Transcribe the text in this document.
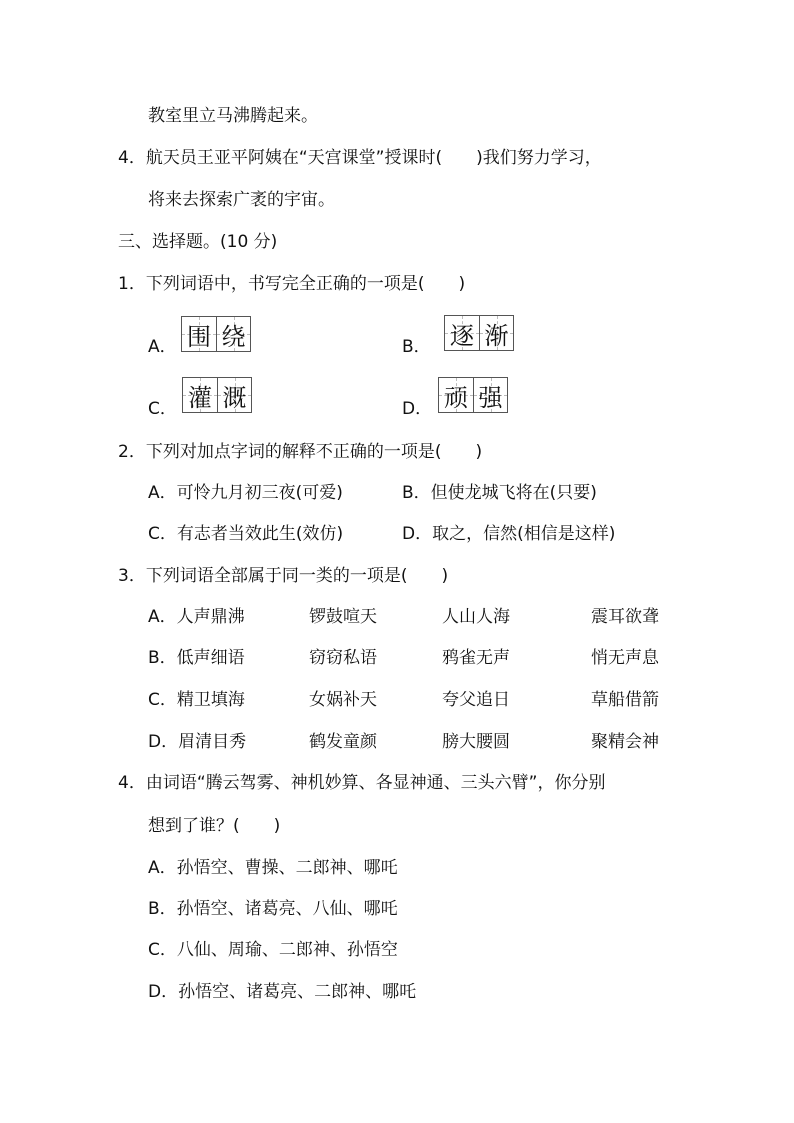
教室里立马沸腾起来。
4．航天员王亚平阿姨在“天宫课堂”授课时(　　)我们努力学习，
将来去探索广袤的宇宙。
三、选择题。(10 分)
1．下列词语中，书写完全正确的一项是(　　)
A． 围 绕	B． 逐 渐
C． 灌 溉	D． 顽 强
2．下列对加点字词的解释不正确的一项是(　　)
A．可怜九月初三夜(可爱)	B．但使龙城飞将在(只要)
C．有志者当效此生(效仿)	D．取之，信然(相信是这样)
3．下列词语全部属于同一类的一项是(　　)
A．人声鼎沸	锣鼓喧天	人山人海	震耳欲聋
B．低声细语	窃窃私语	鸦雀无声	悄无声息
C．精卫填海	女娲补天	夸父追日	草船借箭
D．眉清目秀	鹤发童颜	膀大腰圆	聚精会神
4．由词语“腾云驾雾、神机妙算、各显神通、三头六臂”，你分别
想到了谁？(　　)
A．孙悟空、曹操、二郎神、哪吒
B．孙悟空、诸葛亮、八仙、哪吒
C．八仙、周瑜、二郎神、孙悟空
D．孙悟空、诸葛亮、二郎神、哪吒
